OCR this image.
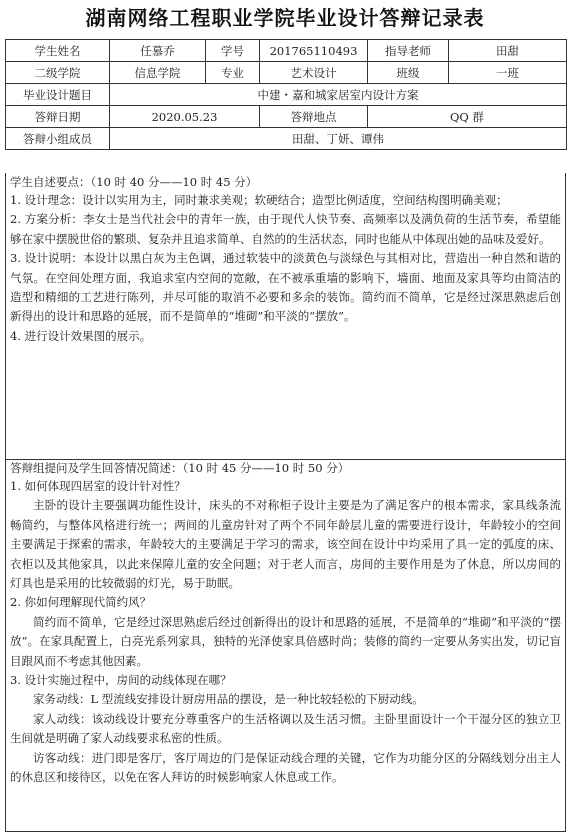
湖南网络工程职业学院毕业设计答辩记录表
学生姓名	任慕乔	学号	201765110493	指导老师	田甜
二级学院	信息学院	专业	艺术设计	班级	一班
毕业设计题目	中建・嘉和城家居室内设计方案				
答辩日期	2020.05.23		答辩地点	QQ 群	
答辩小组成员	田甜、丁妍、谭伟				
学生自述要点：（10 时 40 分——10 时 45 分）
1. 设计理念：设计以实用为主，同时兼求美观；软硬结合；造型比例适度，空间结构图明确美观；
2. 方案分析：李女士是当代社会中的青年一族，由于现代人快节奏、高频率以及满负荷的生活节奏，希望能够在家中摆脱世俗的繁琐、复杂并且追求简单、自然的的生活状态，同时也能从中体现出她的品味及爱好。
3. 设计说明：本设计以黑白灰为主色调，通过软装中的淡黄色与淡绿色与其相对比，营造出一种自然和谐的气氛。在空间处理方面，我追求室内空间的宽敞，在不被承重墙的影响下，墙面、地面及家具等均由简洁的造型和精细的工艺进行陈列，并尽可能的取消不必要和多余的装饰。简约而不简单，它是经过深思熟虑后创新得出的设计和思路的延展，而不是简单的“堆砌”和平淡的“摆放”。
4. 进行设计效果图的展示。
答辩组提问及学生回答情况简述：（10 时 45 分——10 时 50 分）
1. 如何体现四居室的设计针对性？
主卧的设计主要强调功能性设计，床头的不对称柜子设计主要是为了满足客户的根本需求，家具线条流畅简约，与整体风格进行统一；两间的儿童房针对了两个不同年龄层儿童的需要进行设计，年龄较小的空间主要满足于探索的需求，年龄较大的主要满足于学习的需求，该空间在设计中均采用了具一定的弧度的床、衣柜以及其他家具，以此来保障儿童的安全问题；对于老人而言，房间的主要作用是为了休息，所以房间的灯具也是采用的比较微弱的灯光，易于助眠。
2. 你如何理解现代简约风？
简约而不简单，它是经过深思熟虑后经过创新得出的设计和思路的延展，不是简单的“堆砌”和平淡的“摆放”。在家具配置上，白亮光系列家具，独特的光泽使家具倍感时尚；装修的简约一定要从务实出发，切记盲目跟风而不考虑其他因素。
3. 设计实施过程中，房间的动线体现在哪？
家务动线：L 型流线安排设计厨房用品的摆设，是一种比较轻松的下厨动线。
家人动线：该动线设计要充分尊重客户的生活格调以及生活习惯。主卧里面设计一个干湿分区的独立卫生间就是明确了家人动线要求私密的性质。
访客动线：进门即是客厅，客厅周边的门是保证动线合理的关键，它作为功能分区的分隔线划分出主人的休息区和接待区，以免在客人拜访的时候影响家人休息或工作。
